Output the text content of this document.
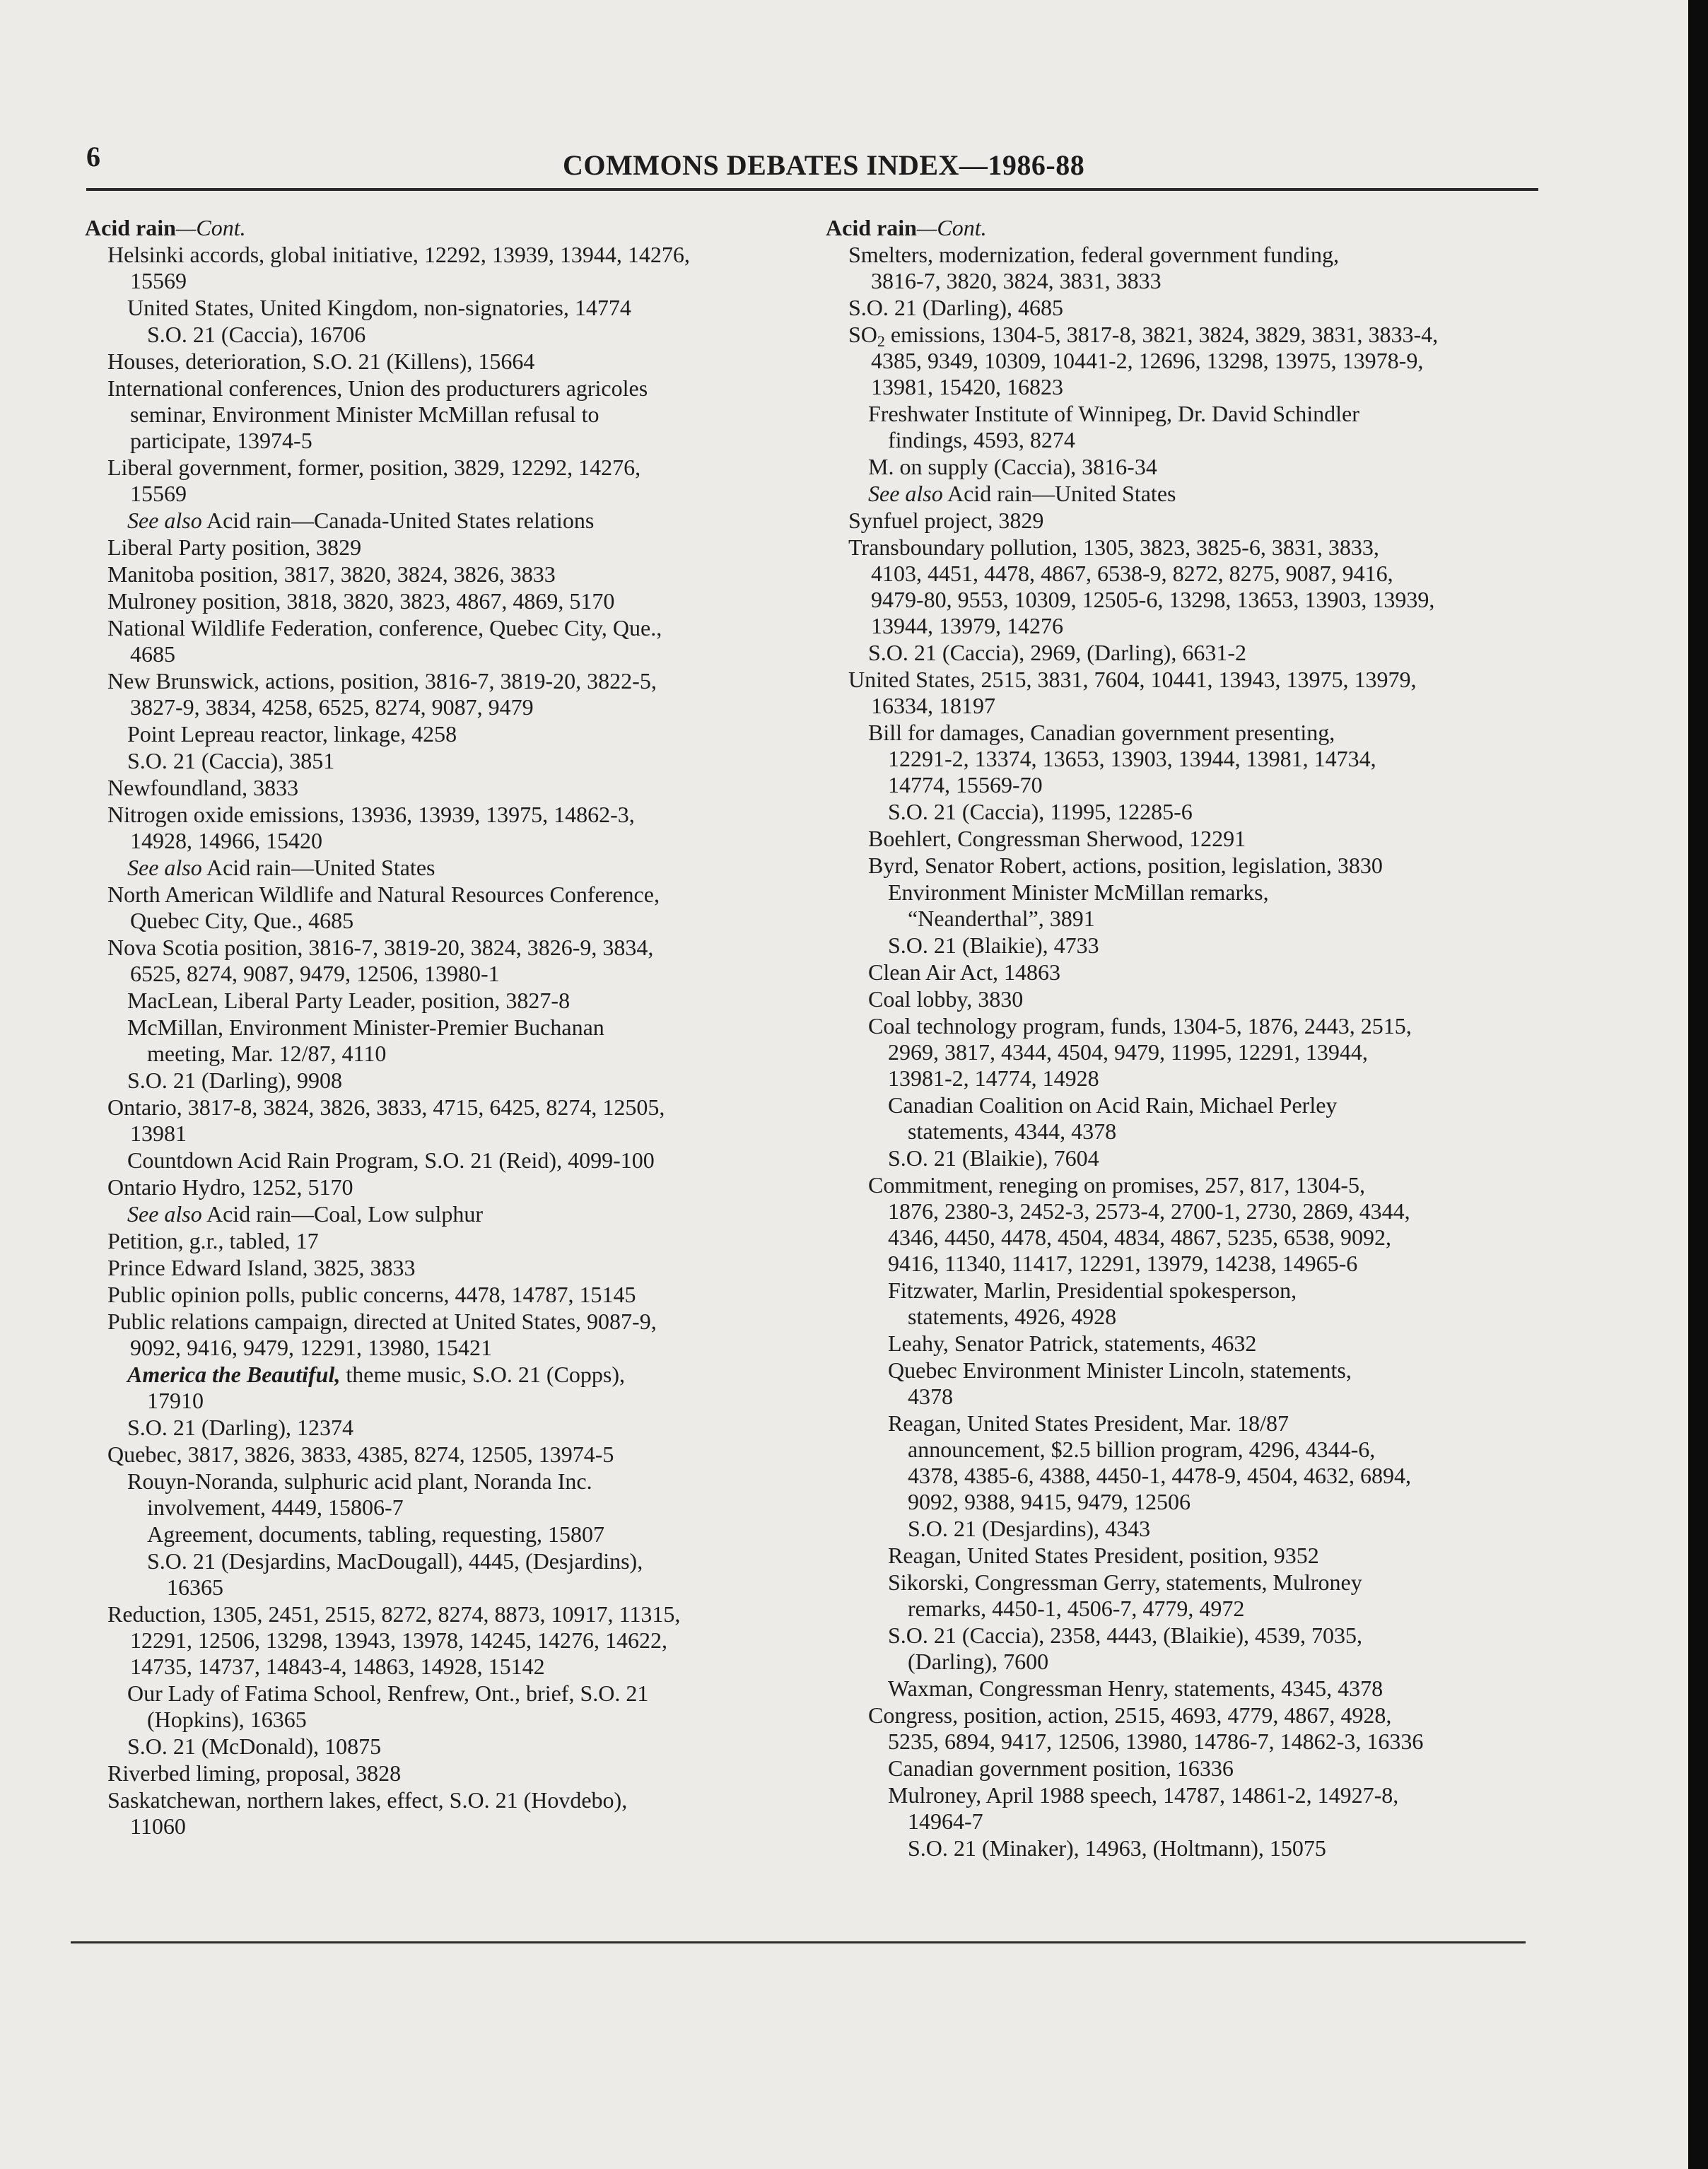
6	COMMONS DEBATES INDEX—1986-88
Acid rain—Cont.
Helsinki accords, global initiative, 12292, 13939, 13944, 14276,
15569
United States, United Kingdom, non-signatories, 14774
S.O. 21 (Caccia), 16706
Houses, deterioration, S.O. 21 (Killens), 15664
International conferences, Union des producturers agricoles
seminar, Environment Minister McMillan refusal to
participate, 13974-5
Liberal government, former, position, 3829, 12292, 14276,
15569
See also Acid rain—Canada-United States relations
Liberal Party position, 3829
Manitoba position, 3817, 3820, 3824, 3826, 3833
Mulroney position, 3818, 3820, 3823, 4867, 4869, 5170
National Wildlife Federation, conference, Quebec City, Que.,
4685
New Brunswick, actions, position, 3816-7, 3819-20, 3822-5,
3827-9, 3834, 4258, 6525, 8274, 9087, 9479
Point Lepreau reactor, linkage, 4258
S.O. 21 (Caccia), 3851
Newfoundland, 3833
Nitrogen oxide emissions, 13936, 13939, 13975, 14862-3,
14928, 14966, 15420
See also Acid rain—United States
North American Wildlife and Natural Resources Conference,
Quebec City, Que., 4685
Nova Scotia position, 3816-7, 3819-20, 3824, 3826-9, 3834,
6525, 8274, 9087, 9479, 12506, 13980-1
MacLean, Liberal Party Leader, position, 3827-8
McMillan, Environment Minister-Premier Buchanan
meeting, Mar. 12/87, 4110
S.O. 21 (Darling), 9908
Ontario, 3817-8, 3824, 3826, 3833, 4715, 6425, 8274, 12505,
13981
Countdown Acid Rain Program, S.O. 21 (Reid), 4099-100
Ontario Hydro, 1252, 5170
See also Acid rain—Coal, Low sulphur
Petition, g.r., tabled, 17
Prince Edward Island, 3825, 3833
Public opinion polls, public concerns, 4478, 14787, 15145
Public relations campaign, directed at United States, 9087-9,
9092, 9416, 9479, 12291, 13980, 15421
America the Beautiful, theme music, S.O. 21 (Copps),
17910
S.O. 21 (Darling), 12374
Quebec, 3817, 3826, 3833, 4385, 8274, 12505, 13974-5
Rouyn-Noranda, sulphuric acid plant, Noranda Inc.
involvement, 4449, 15806-7
Agreement, documents, tabling, requesting, 15807
S.O. 21 (Desjardins, MacDougall), 4445, (Desjardins),
16365
Reduction, 1305, 2451, 2515, 8272, 8274, 8873, 10917, 11315,
12291, 12506, 13298, 13943, 13978, 14245, 14276, 14622,
14735, 14737, 14843-4, 14863, 14928, 15142
Our Lady of Fatima School, Renfrew, Ont., brief, S.O. 21
(Hopkins), 16365
S.O. 21 (McDonald), 10875
Riverbed liming, proposal, 3828
Saskatchewan, northern lakes, effect, S.O. 21 (Hovdebo),
11060
Acid rain—Cont.
Smelters, modernization, federal government funding,
3816-7, 3820, 3824, 3831, 3833
S.O. 21 (Darling), 4685
$SO_2$ emissions, 1304-5, 3817-8, 3821, 3824, 3829, 3831, 3833-4,
4385, 9349, 10309, 10441-2, 12696, 13298, 13975, 13978-9,
13981, 15420, 16823
Freshwater Institute of Winnipeg, Dr. David Schindler
findings, 4593, 8274
M. on supply (Caccia), 3816-34
See also Acid rain—United States
Synfuel project, 3829
Transboundary pollution, 1305, 3823, 3825-6, 3831, 3833,
4103, 4451, 4478, 4867, 6538-9, 8272, 8275, 9087, 9416,
9479-80, 9553, 10309, 12505-6, 13298, 13653, 13903, 13939,
13944, 13979, 14276
S.O. 21 (Caccia), 2969, (Darling), 6631-2
United States, 2515, 3831, 7604, 10441, 13943, 13975, 13979,
16334, 18197
Bill for damages, Canadian government presenting,
12291-2, 13374, 13653, 13903, 13944, 13981, 14734,
14774, 15569-70
S.O. 21 (Caccia), 11995, 12285-6
Boehlert, Congressman Sherwood, 12291
Byrd, Senator Robert, actions, position, legislation, 3830
Environment Minister McMillan remarks,
“Neanderthal”, 3891
S.O. 21 (Blaikie), 4733
Clean Air Act, 14863
Coal lobby, 3830
Coal technology program, funds, 1304-5, 1876, 2443, 2515,
2969, 3817, 4344, 4504, 9479, 11995, 12291, 13944,
13981-2, 14774, 14928
Canadian Coalition on Acid Rain, Michael Perley
statements, 4344, 4378
S.O. 21 (Blaikie), 7604
Commitment, reneging on promises, 257, 817, 1304-5,
1876, 2380-3, 2452-3, 2573-4, 2700-1, 2730, 2869, 4344,
4346, 4450, 4478, 4504, 4834, 4867, 5235, 6538, 9092,
9416, 11340, 11417, 12291, 13979, 14238, 14965-6
Fitzwater, Marlin, Presidential spokesperson,
statements, 4926, 4928
Leahy, Senator Patrick, statements, 4632
Quebec Environment Minister Lincoln, statements,
4378
Reagan, United States President, Mar. 18/87
announcement, $2.5 billion program, 4296, 4344-6,
4378, 4385-6, 4388, 4450-1, 4478-9, 4504, 4632, 6894,
9092, 9388, 9415, 9479, 12506
S.O. 21 (Desjardins), 4343
Reagan, United States President, position, 9352
Sikorski, Congressman Gerry, statements, Mulroney
remarks, 4450-1, 4506-7, 4779, 4972
S.O. 21 (Caccia), 2358, 4443, (Blaikie), 4539, 7035,
(Darling), 7600
Waxman, Congressman Henry, statements, 4345, 4378
Congress, position, action, 2515, 4693, 4779, 4867, 4928,
5235, 6894, 9417, 12506, 13980, 14786-7, 14862-3, 16336
Canadian government position, 16336
Mulroney, April 1988 speech, 14787, 14861-2, 14927-8,
14964-7
S.O. 21 (Minaker), 14963, (Holtmann), 15075
